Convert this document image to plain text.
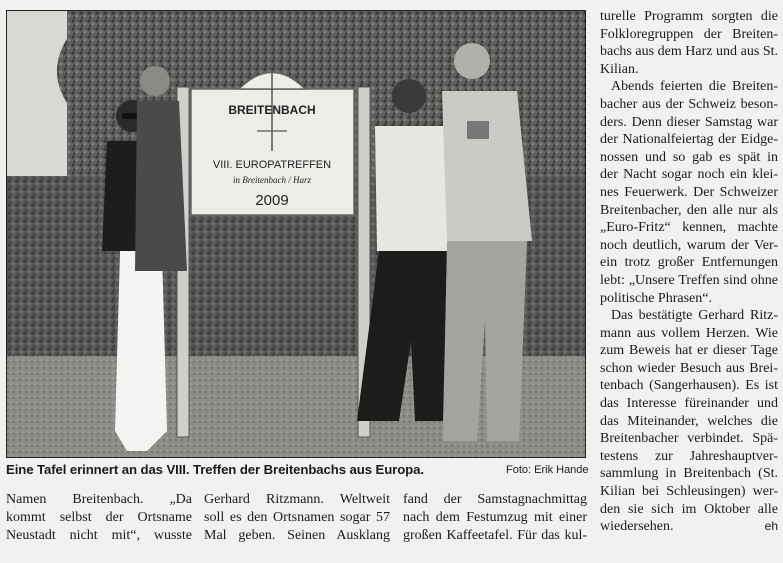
BREITENBACH
VIII. EUROPATREFFEN
in Breitenbach / Harz
2009
Eine Tafel erinnert an das VIII. Treffen der Breitenbachs aus Europa.	Foto: Erik Hande
Namen Breitenbach. „Da
kommt selbst der Ortsname
Neustadt nicht mit“, wusste
Gerhard Ritzmann. Weltweit
soll es den Ortsnamen sogar 57
Mal geben. Seinen Ausklang
fand der Samstagnachmittag
nach dem Festumzug mit einer
großen Kaffeetafel. Für das kul-
turelle Programm sorgten die
Folkloregruppen der Breiten-
bachs aus dem Harz und aus St.
Kilian.
Abends feierten die Breiten-
bacher aus der Schweiz beson-
ders. Denn dieser Samstag war
der Nationalfeiertag der Eidge-
nossen und so gab es spät in
der Nacht sogar noch ein klei-
nes Feuerwerk. Der Schweizer
Breitenbacher, den alle nur als
„Euro-Fritz“ kennen, machte
noch deutlich, warum der Ver-
ein trotz großer Entfernungen
lebt: „Unsere Treffen sind ohne
politische Phrasen“.
Das bestätigte Gerhard Ritz-
mann aus vollem Herzen. Wie
zum Beweis hat er dieser Tage
schon wieder Besuch aus Brei-
tenbach (Sangerhausen). Es ist
das Interesse füreinander und
das Miteinander, welches die
Breitenbacher verbindet. Spä-
testens zur Jahreshauptver-
sammlung in Breitenbach (St.
Kilian bei Schleusingen) wer-
den sie sich im Oktober alle
wiedersehen.	eh
